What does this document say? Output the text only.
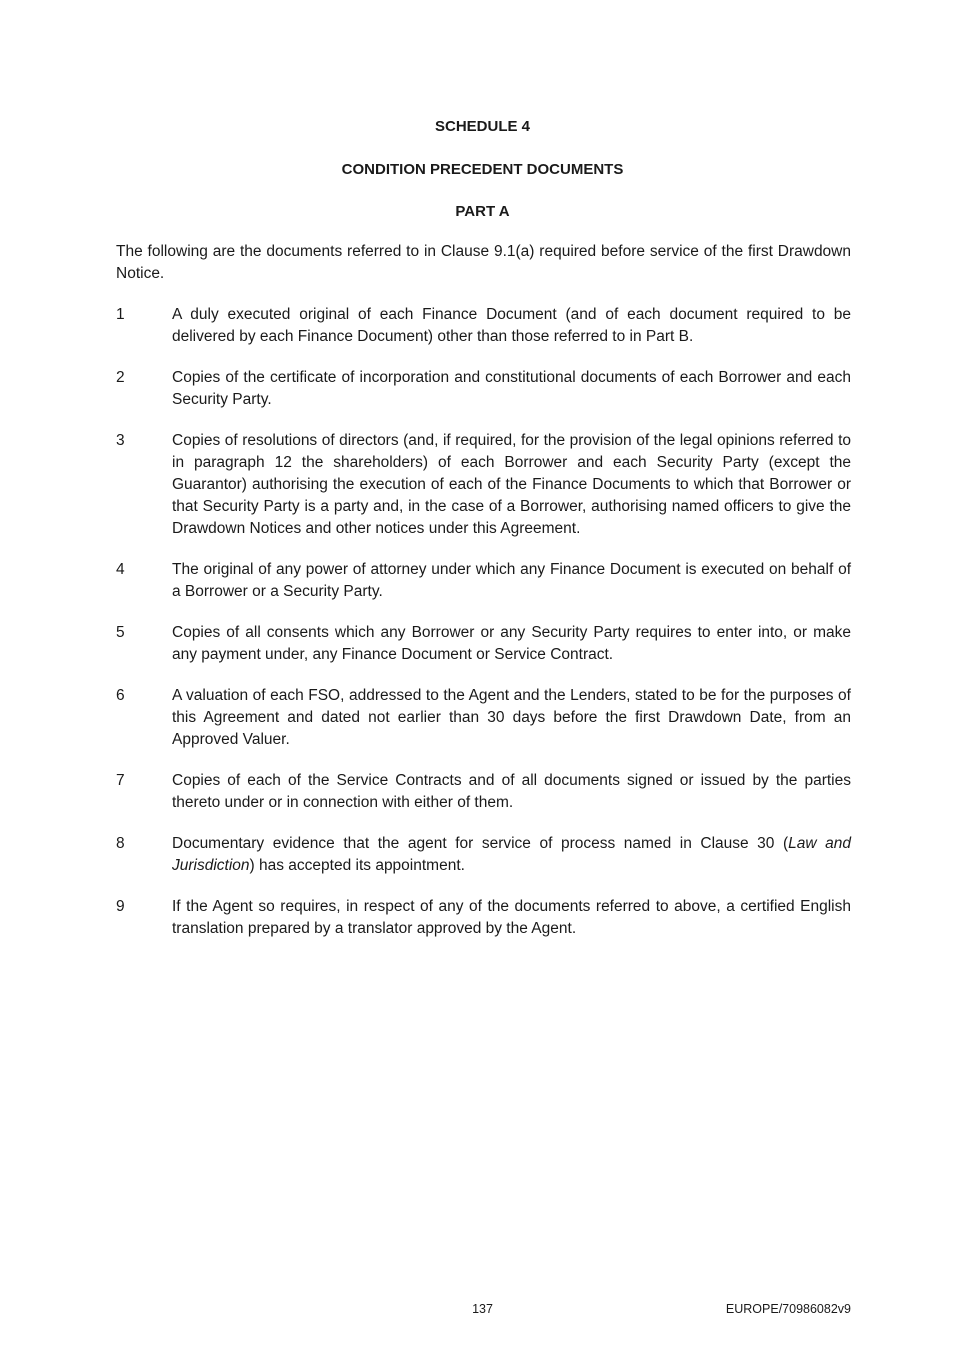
SCHEDULE 4
CONDITION PRECEDENT DOCUMENTS
PART A

The following are the documents referred to in Clause 9.1(a) required before service of the first Drawdown Notice.

1	A duly executed original of each Finance Document (and of each document required to be delivered by each Finance Document) other than those referred to in Part B.
2	Copies of the certificate of incorporation and constitutional documents of each Borrower and each Security Party.
3	Copies of resolutions of directors (and, if required, for the provision of the legal opinions referred to in paragraph 12 the shareholders) of each Borrower and each Security Party (except the Guarantor) authorising the execution of each of the Finance Documents to which that Borrower or that Security Party is a party and, in the case of a Borrower, authorising named officers to give the Drawdown Notices and other notices under this Agreement.
4	The original of any power of attorney under which any Finance Document is executed on behalf of a Borrower or a Security Party.
5	Copies of all consents which any Borrower or any Security Party requires to enter into, or make any payment under, any Finance Document or Service Contract.
6	A valuation of each FSO, addressed to the Agent and the Lenders, stated to be for the purposes of this Agreement and dated not earlier than 30 days before the first Drawdown Date, from an Approved Valuer.
7	Copies of each of the Service Contracts and of all documents signed or issued by the parties thereto under or in connection with either of them.
8	Documentary evidence that the agent for service of process named in Clause 30 (Law and Jurisdiction) has accepted its appointment.
9	If the Agent so requires, in respect of any of the documents referred to above, a certified English translation prepared by a translator approved by the Agent.
137	EUROPE/70986082v9
